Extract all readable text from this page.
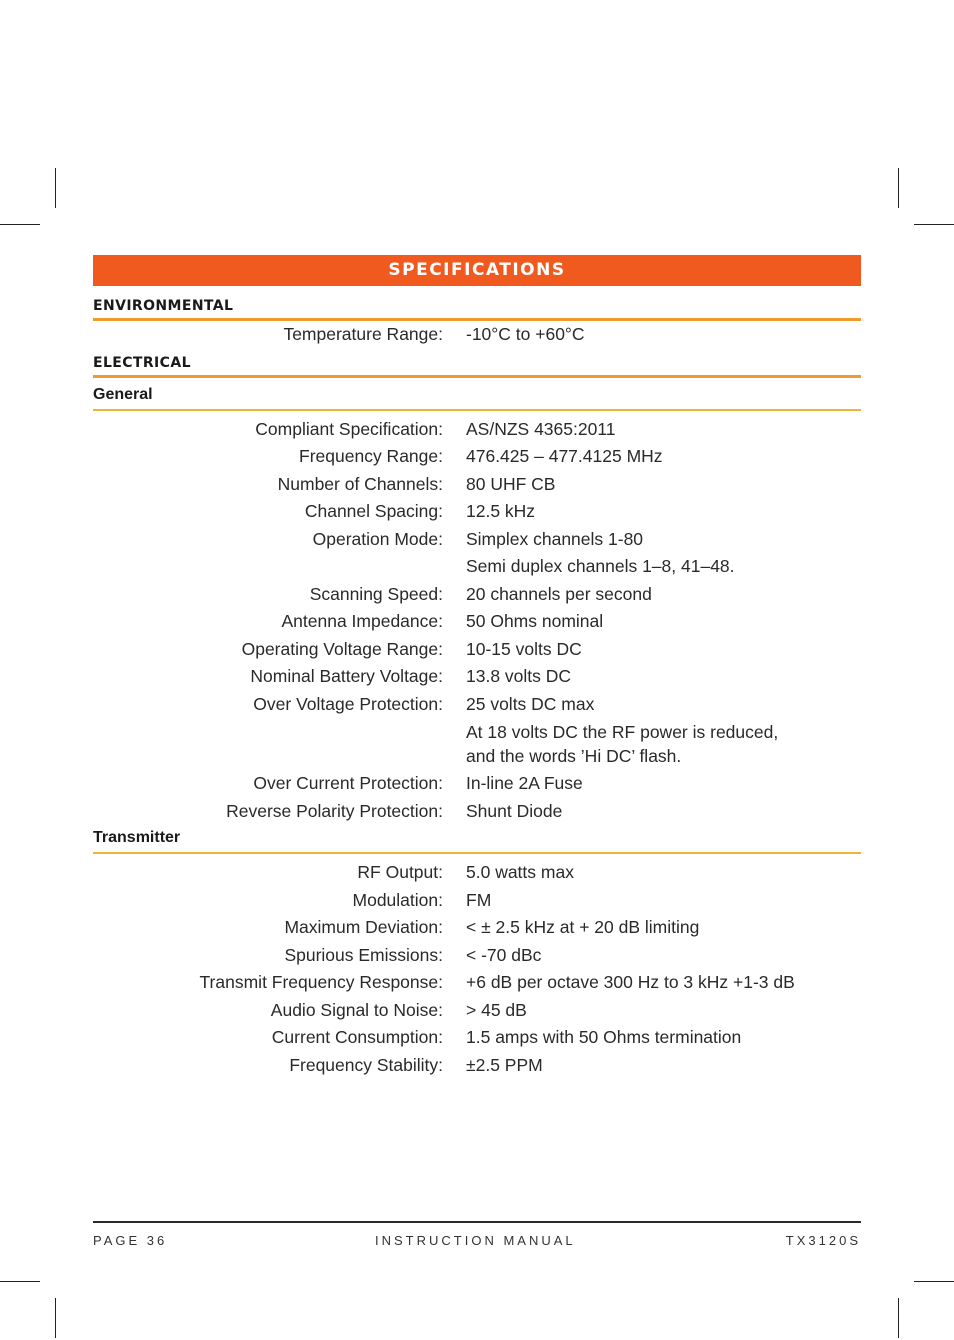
SPECIFICATIONS
ENVIRONMENTAL
Temperature Range: -10°C to +60°C
ELECTRICAL
General
Compliant Specification: AS/NZS 4365:2011
Frequency Range: 476.425 – 477.4125 MHz
Number of Channels: 80 UHF CB
Channel Spacing: 12.5 kHz
Operation Mode: Simplex channels 1-80
Semi duplex channels 1–8, 41–48.
Scanning Speed: 20 channels per second
Antenna Impedance: 50 Ohms nominal
Operating Voltage Range: 10-15 volts DC
Nominal Battery Voltage: 13.8 volts DC
Over Voltage Protection: 25 volts DC max
At 18 volts DC the RF power is reduced,
and the words ’Hi DC’ flash.
Over Current Protection: In-line 2A Fuse
Reverse Polarity Protection: Shunt Diode
Transmitter
RF Output: 5.0 watts max
Modulation: FM
Maximum Deviation: < ± 2.5 kHz at + 20 dB limiting
Spurious Emissions: < -70 dBc
Transmit Frequency Response: +6 dB per octave 300 Hz to 3 kHz +1-3 dB
Audio Signal to Noise: > 45 dB
Current Consumption: 1.5 amps with 50 Ohms termination
Frequency Stability: ±2.5 PPM
PAGE 36	INSTRUCTION MANUAL	TX3120S
